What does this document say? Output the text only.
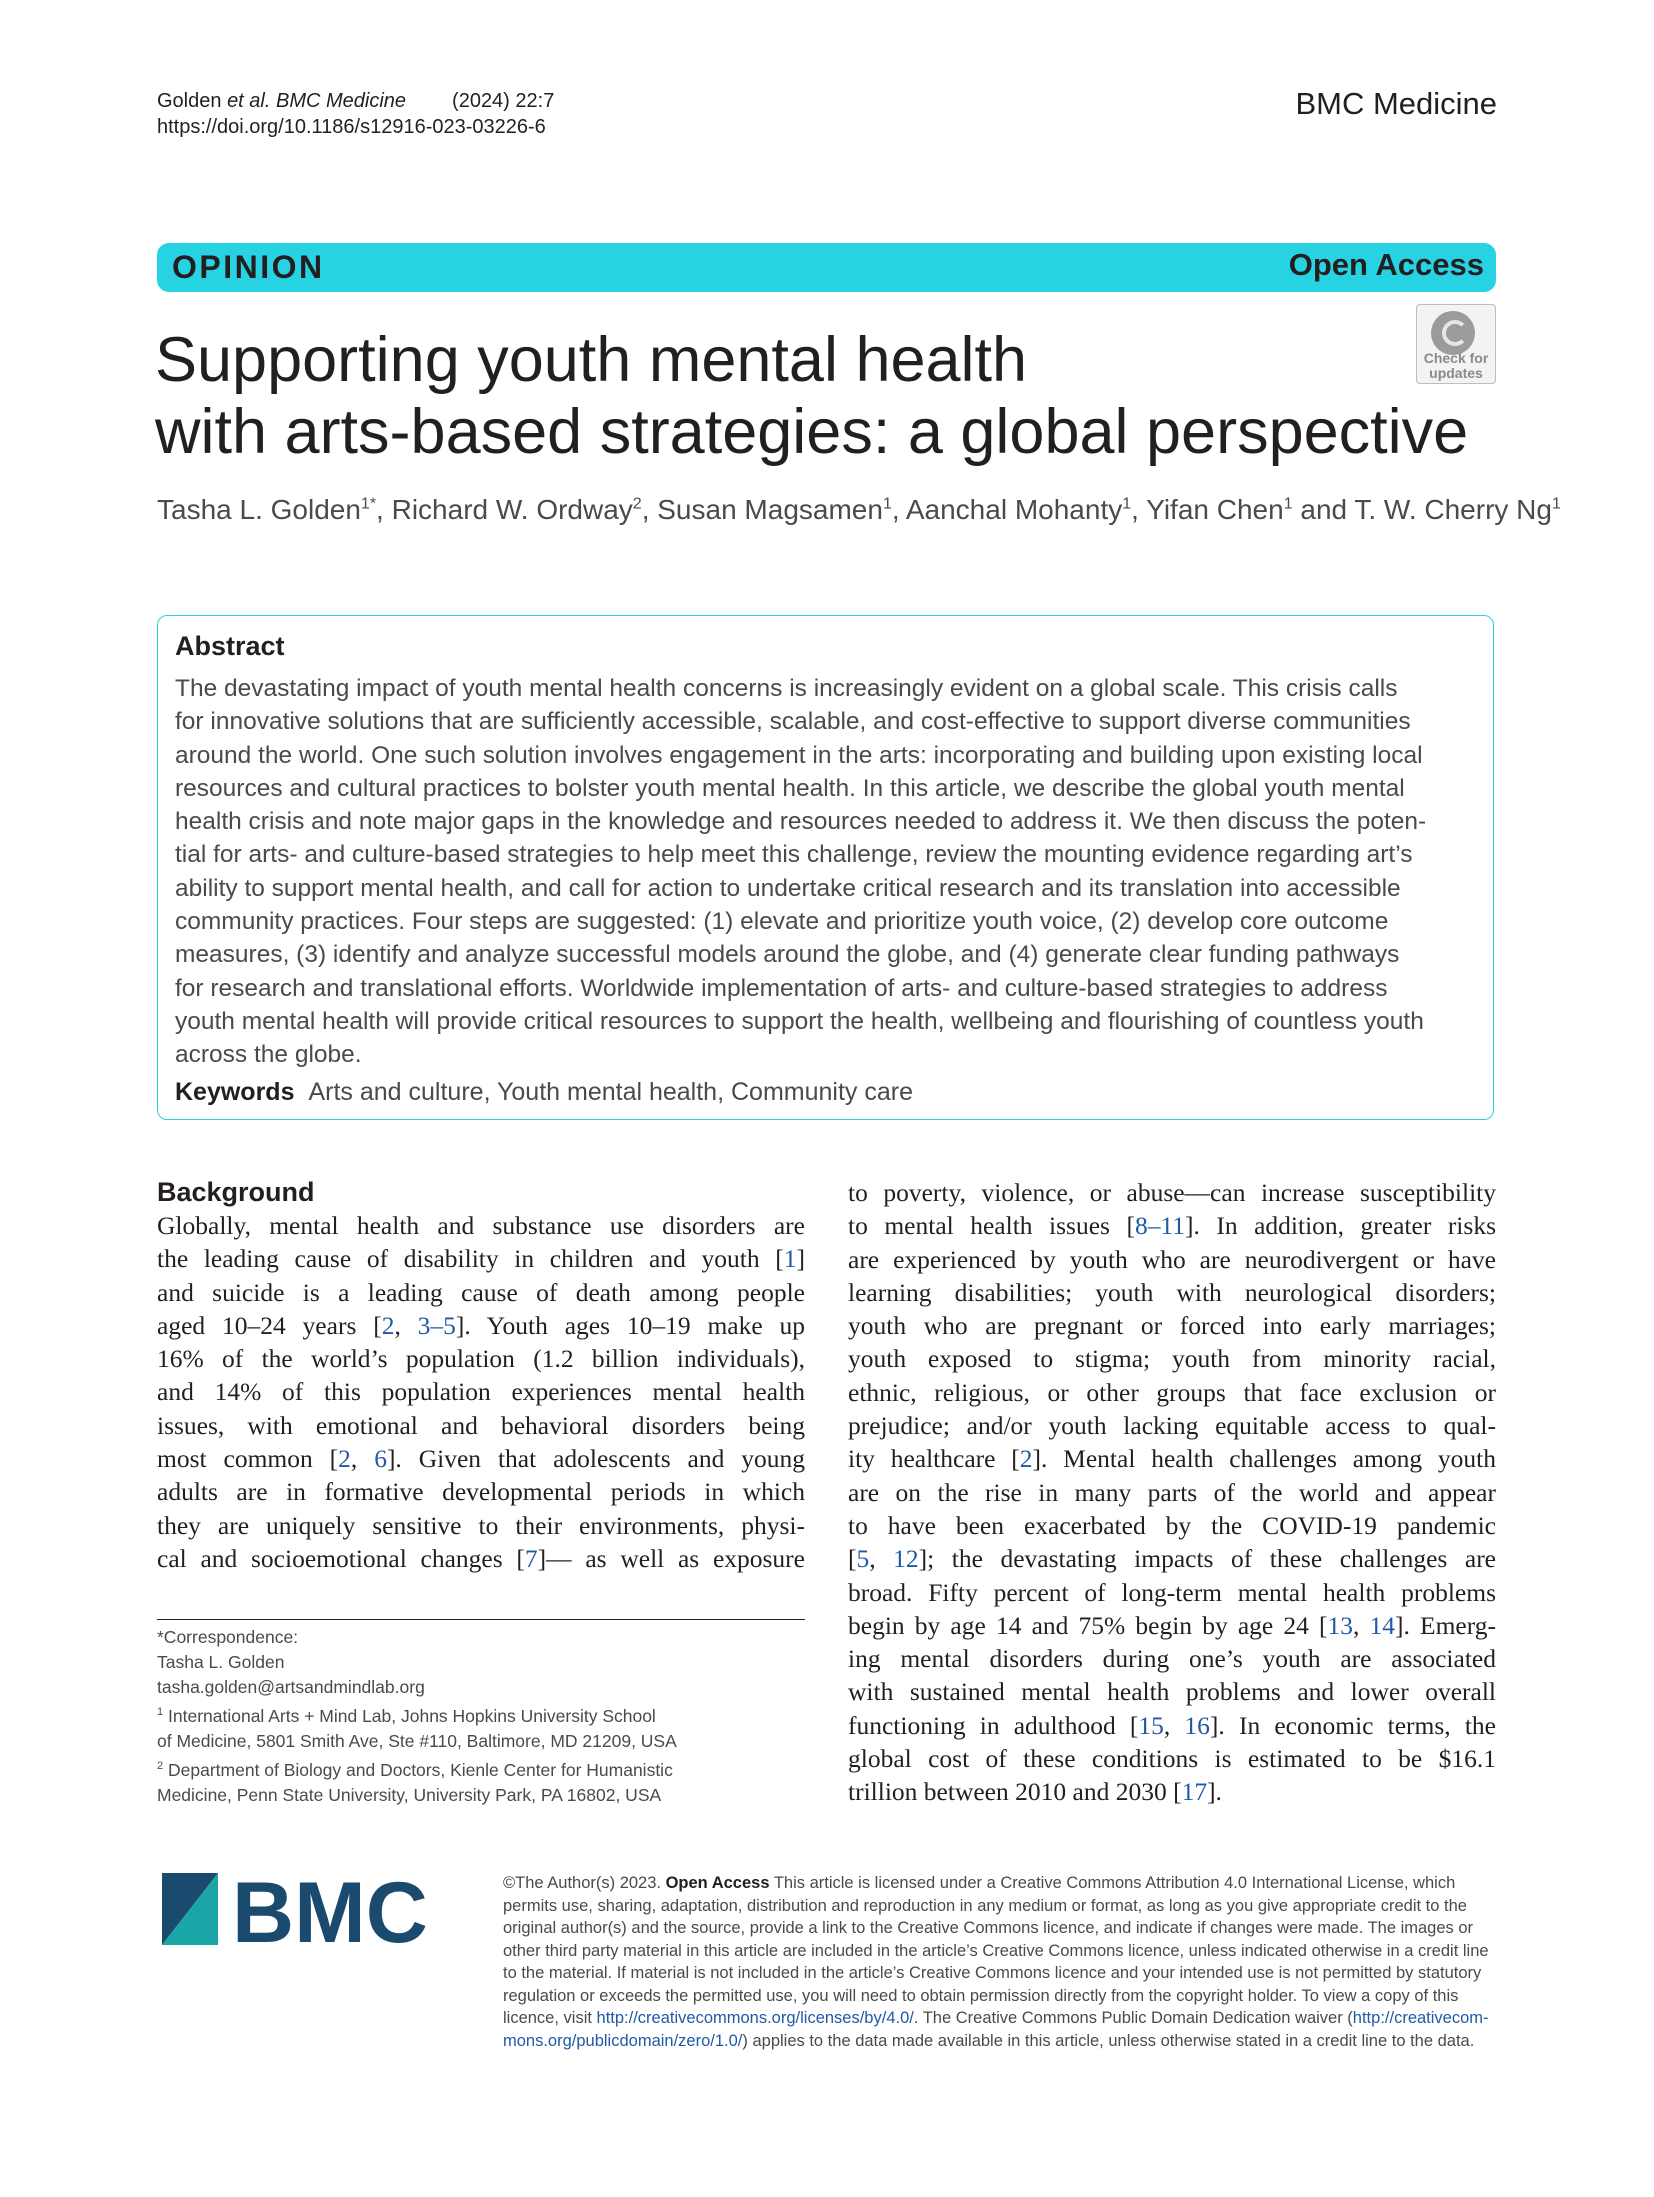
Golden et al. BMC Medicine (2024) 22:7
https://doi.org/10.1186/s12916-023-03226-6
BMC Medicine
OPINION	Open Access
Check for
updates
Supporting youth mental health
with arts-based strategies: a global perspective
Tasha L. Golden$^{1*}$, Richard W. Ordway$^2$, Susan Magsamen$^1$, Aanchal Mohanty$^1$, Yifan Chen$^1$ and T. W. Cherry Ng$^1$
Abstract
The devastating impact of youth mental health concerns is increasingly evident on a global scale. This crisis calls
for innovative solutions that are sufficiently accessible, scalable, and cost-effective to support diverse communities
around the world. One such solution involves engagement in the arts: incorporating and building upon existing local
resources and cultural practices to bolster youth mental health. In this article, we describe the global youth mental
health crisis and note major gaps in the knowledge and resources needed to address it. We then discuss the poten-
tial for arts- and culture-based strategies to help meet this challenge, review the mounting evidence regarding art’s
ability to support mental health, and call for action to undertake critical research and its translation into accessible
community practices. Four steps are suggested: (1) elevate and prioritize youth voice, (2) develop core outcome
measures, (3) identify and analyze successful models around the globe, and (4) generate clear funding pathways
for research and translational efforts. Worldwide implementation of arts- and culture-based strategies to address
youth mental health will provide critical resources to support the health, wellbeing and flourishing of countless youth
across the globe.
Keywords Arts and culture, Youth mental health, Community care
Background
Globally, mental health and substance use disorders are
the leading cause of disability in children and youth [1]
and suicide is a leading cause of death among people
aged 10–24 years [2, 3–5]. Youth ages 10–19 make up
16% of the world’s population (1.2 billion individuals),
and 14% of this population experiences mental health
issues, with emotional and behavioral disorders being
most common [2, 6]. Given that adolescents and young
adults are in formative developmental periods in which
they are uniquely sensitive to their environments, physi-
cal and socioemotional changes [7]— as well as exposure
to poverty, violence, or abuse—can increase susceptibility
to mental health issues [8–11]. In addition, greater risks
are experienced by youth who are neurodivergent or have
learning disabilities; youth with neurological disorders;
youth who are pregnant or forced into early marriages;
youth exposed to stigma; youth from minority racial,
ethnic, religious, or other groups that face exclusion or
prejudice; and/or youth lacking equitable access to qual-
ity healthcare [2]. Mental health challenges among youth
are on the rise in many parts of the world and appear
to have been exacerbated by the COVID-19 pandemic
[5, 12]; the devastating impacts of these challenges are
broad. Fifty percent of long-term mental health problems
begin by age 14 and 75% begin by age 24 [13, 14]. Emerg-
ing mental disorders during one’s youth are associated
with sustained mental health problems and lower overall
functioning in adulthood [15, 16]. In economic terms, the
global cost of these conditions is estimated to be $16.1
trillion between 2010 and 2030 [17].
*Correspondence:
Tasha L. Golden
tasha.golden@artsandmindlab.org
$^1$ International Arts + Mind Lab, Johns Hopkins University School
of Medicine, 5801 Smith Ave, Ste #110, Baltimore, MD 21209, USA
$^2$ Department of Biology and Doctors, Kienle Center for Humanistic
Medicine, Penn State University, University Park, PA 16802, USA
BMC	©The Author(s) 2023. Open Access This article is licensed under a Creative Commons Attribution 4.0 International License, which
permits use, sharing, adaptation, distribution and reproduction in any medium or format, as long as you give appropriate credit to the
original author(s) and the source, provide a link to the Creative Commons licence, and indicate if changes were made. The images or
other third party material in this article are included in the article’s Creative Commons licence, unless indicated otherwise in a credit line
to the material. If material is not included in the article’s Creative Commons licence and your intended use is not permitted by statutory
regulation or exceeds the permitted use, you will need to obtain permission directly from the copyright holder. To view a copy of this
licence, visit http://creativecommons.org/licenses/by/4.0/. The Creative Commons Public Domain Dedication waiver (http://creativecom-
mons.org/publicdomain/zero/1.0/) applies to the data made available in this article, unless otherwise stated in a credit line to the data.
